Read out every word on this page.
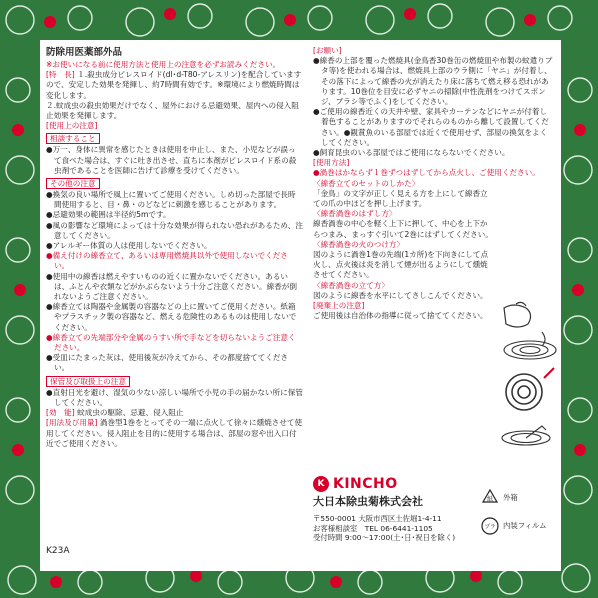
防除用医薬部外品

※お使いになる前に使用方法と使用上の注意を必ずお読みください。

[特　長] １.殺虫成分ピレスロイド(dl･d-T80-アレスリン)を配合していますので、安定した効果を発揮し、約7時間有効です。※環境により燃焼時間は変化します。

２.蚊成虫の殺虫効果だけでなく、屋外における忌避効果、屋内への侵入阻止効果を発揮します。

[使用上の注意]
相談すること

●万一、身体に異常を感じたときは使用を中止し、また、小児などが誤って食べた場合は、すぐに吐き出させ、直ちに本剤がピレスロイド系の殺虫剤であることを医師に告げて診療を受けてください。

その他の注意

●換気の良い場所で風上に置いてご使用ください。しめ切った部屋で長時間使用すると、目・鼻・のどなどに刺激を感じることがあります。

●忌避効果の範囲は半径約5mです。

●風の影響など環境によっては十分な効果が得られない恐れがあるため、注意してください。

●アレルギー体質の人は使用しないでください。

●備え付けの線香立て、あるいは専用燃焼具以外で使用しないでください。

●使用中の線香は燃えやすいものの近くに置かないでください。あるいは、ふとんや衣類などがかぶらないよう十分ご注意ください。線香が倒れないようご注意ください。

●線香立ては陶器や金属製の容器などの上に置いてご使用ください。紙箱やプラスチック製の容器など、燃える危険性のあるものは使用しないでください。

●線香立ての先端部分や金属のうすい所で手などを切らないようご注意ください。

●受皿にたまった灰は、使用後灰が冷えてから、その都度捨ててください。

保管及び取扱上の注意

●直射日光を避け、湿気の少ない涼しい場所で小児の手の届かない所に保管してください。

[効　能] 蚊成虫の駆除、忌避、侵入阻止

[用法及び用量] 渦巻型1巻をとってその一端に点火して徐々に燻焼させて使用してください。侵入阻止を目的に使用する場合は、部屋の窓や出入口付近でご使用ください。

K23A
[お願い]

●線香の上部を覆った燃焼具(金鳥香30巻缶の燃焼皿や布製の蚊遣りブタ等)を使われる場合は、燃焼具上部のウラ側に「ヤニ」が付着し、その落下によって線香の火が消えたり床に落ちて燃え移る恐れがあります。10巻位を目安に必ずヤニの掃除(中性洗剤をつけてスポンジ、ブラシ等でふく)をしてください。

●ご使用の線香近くの天井や壁、家具やカーテンなどにヤニが付着し着色することがありますのでそれらのものから離して設置してください。●観賞魚のいる部屋では近くで使用せず、部屋の換気をよくしてください。

●飼育昆虫のいる部屋ではご使用にならないでください。

[使用方法]

●渦巻はかならず１巻ずつはずしてから点火し、ご使用ください。

〈線香立てのセットのしかた〉

「金鳥」の文字が正しく見える方を上にして線香立ての爪の中ほどを押し上げます。

〈線香渦巻のはずし方〉

線香渦巻の中心を軽く上下に押して、中心を上下からつまみ、まっすぐ引いて2巻にはずしてください。

〈線香渦巻の火のつけ方〉

図のように渦巻1巻の先端(1カ所)を下向きにして点火し、点火後は炎を消して煙が出るようにして燻焼させてください。

〈線香渦巻の立て方〉

図のように線香を水平にしてさしこんでください。

[廃棄上の注意]

ご使用後は自治体の指導に従って捨ててください。

K KINCHO
大日本除虫菊株式会社
〒550-0001 大阪市西区土佐堀1-4-11
お客様相談室　TEL 06-6441-1105
受付時間 9:00～17:00(土･日･祝日を除く)
紙 外箱
プラ 内装フィルム
